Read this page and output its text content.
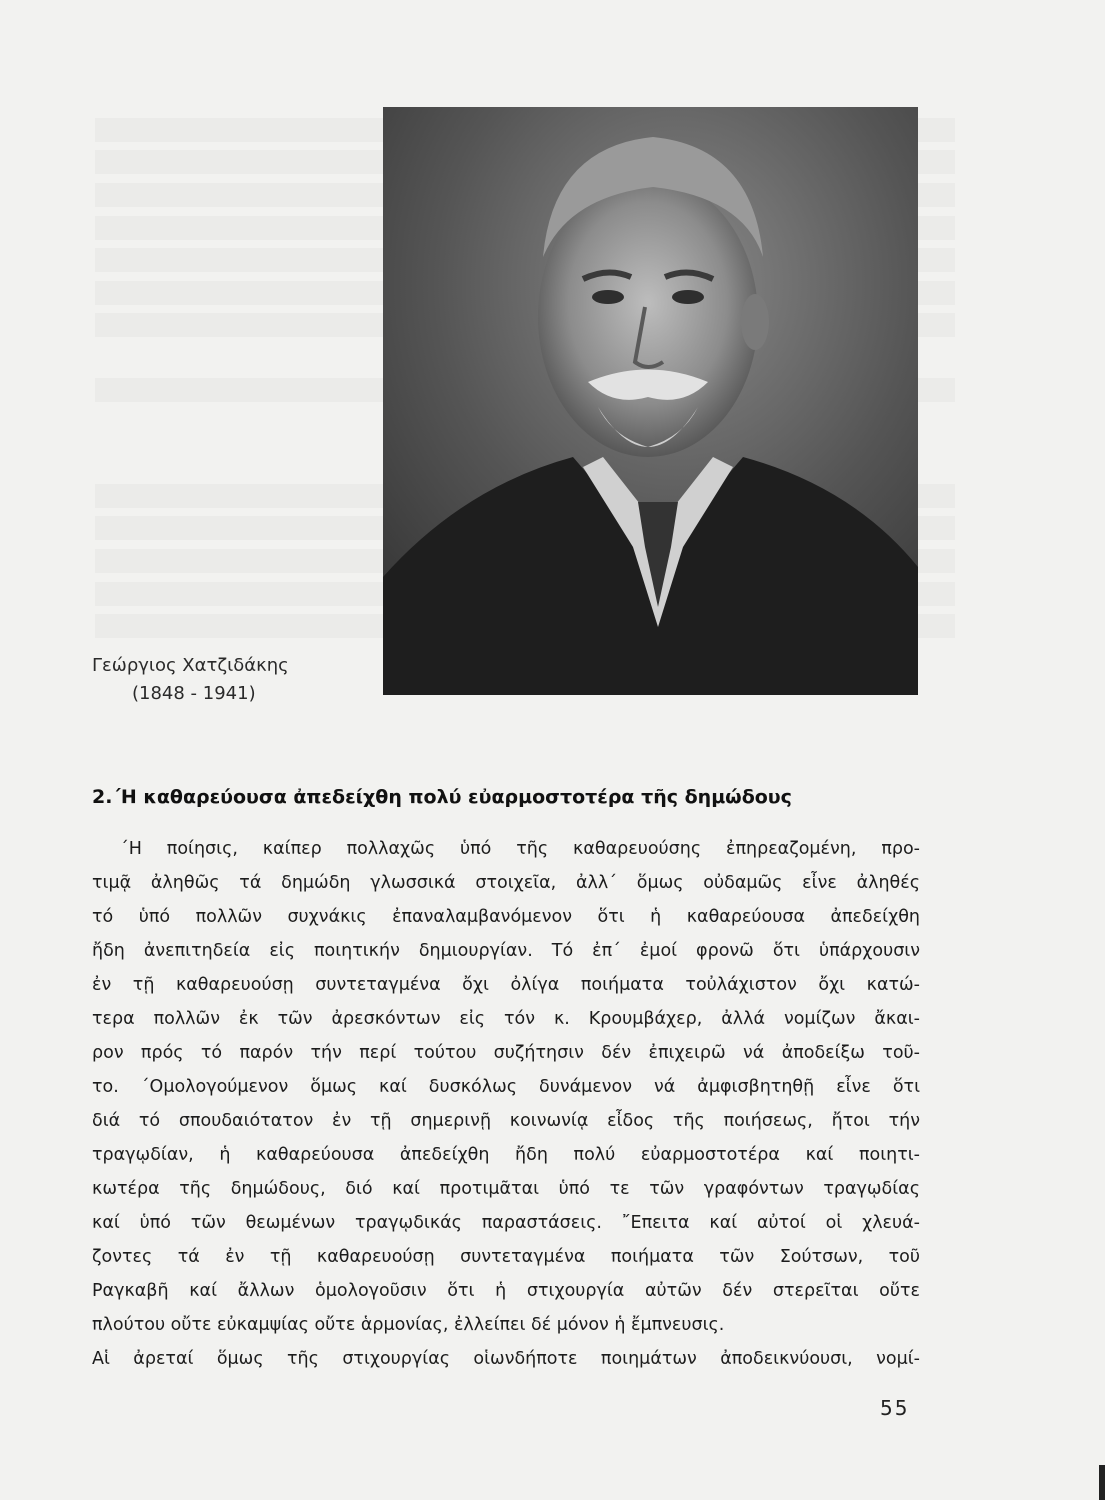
Γεώργιος Χατζιδάκης
(1848 - 1941)
2.΄Η καθαρεύουσα ἀπεδείχθη πολύ εὐαρμοστοτέρα τῆς δημώδους
΄Η ποίησις, καίπερ πολλαχῶς ὑπό τῆς καθαρευούσης ἐπηρεαζομένη, προ-
τιμᾷ ἀληθῶς τά δημώδη γλωσσικά στοιχεῖα, ἀλλ΄ ὅμως οὐδαμῶς εἶνε ἀληθές
τό ὑπό πολλῶν συχνάκις ἐπαναλαμβανόμενον ὅτι ἡ καθαρεύουσα ἀπεδείχθη
ἤδη ἀνεπιτηδεία εἰς ποιητικήν δημιουργίαν. Τό ἐπ΄ ἐμοί φρονῶ ὅτι ὑπάρχουσιν
ἐν τῇ καθαρευούσῃ συντεταγμένα ὄχι ὀλίγα ποιήματα τοὐλάχιστον ὄχι κατώ-
τερα πολλῶν ἐκ τῶν ἀρεσκόντων εἰς τόν κ. Κρουμβάχερ, ἀλλά νομίζων ἄκαι-
ρον πρός τό παρόν τήν περί τούτου συζήτησιν δέν ἐπιχειρῶ νά ἀποδείξω τοῦ-
το. ΄Ομολογούμενον ὅμως καί δυσκόλως δυνάμενον νά ἀμφισβητηθῇ εἶνε ὅτι
διά τό σπουδαιότατον ἐν τῇ σημερινῇ κοινωνίᾳ εἶδος τῆς ποιήσεως, ἤτοι τήν
τραγῳδίαν, ἡ καθαρεύουσα ἀπεδείχθη ἤδη πολύ εὐαρμοστοτέρα καί ποιητι-
κωτέρα τῆς δημώδους, διό καί προτιμᾶται ὑπό τε τῶν γραφόντων τραγῳδίας
καί ὑπό τῶν θεωμένων τραγῳδικάς παραστάσεις. ῎Επειτα καί αὐτοί οἱ χλευά-
ζοντες τά ἐν τῇ καθαρευούσῃ συντεταγμένα ποιήματα τῶν Σούτσων, τοῦ
Ραγκαβῆ καί ἄλλων ὁμολογοῦσιν ὅτι ἡ στιχουργία αὐτῶν δέν στερεῖται οὔτε
πλούτου οὔτε εὐκαμψίας οὔτε ἁρμονίας, ἐλλείπει δέ μόνον ἡ ἔμπνευσις.
Αἱ ἀρεταί ὅμως τῆς στιχουργίας οἱωνδήποτε ποιημάτων ἀποδεικνύουσι, νομί-
55
